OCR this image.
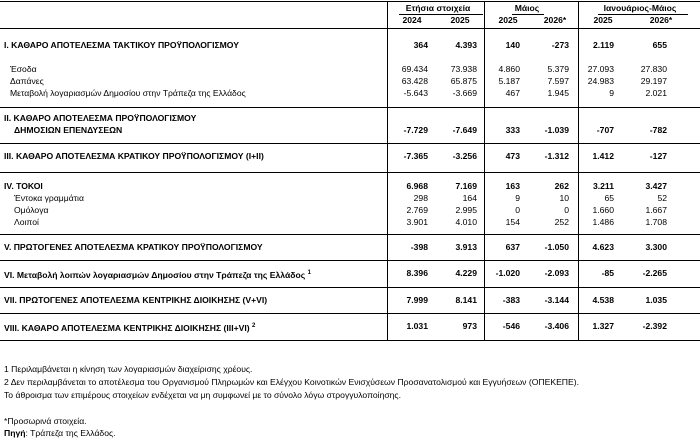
Ετήσια στοιχεία	Μάιος	Ιανουάριος-Μάιος
2024	2025	2025	2026*	2025	2026*
I. ΚΑΘΑΡΟ ΑΠΟΤΕΛΕΣΜΑ ΤΑΚΤΙΚΟΥ ΠΡΟΫΠΟΛΟΓΙΣΜΟΥ	364	4.393	140	-273	2.119	655
Έσοδα	69.434	73.938	4.860	5.379	27.093	27.830
Δαπάνες	63.428	65.875	5.187	7.597	24.983	29.197
Μεταβολή λογαριασμών Δημοσίου στην Τράπεζα της Ελλάδος	-5.643	-3.669	467	1.945	9	2.021
II. ΚΑΘΑΡΟ ΑΠΟΤΕΛΕΣΜΑ ΠΡΟΫΠΟΛΟΓΙΣΜΟΥ
ΔΗΜΟΣΙΩΝ ΕΠΕΝΔΥΣΕΩΝ	-7.729	-7.649	333	-1.039	-707	-782
III. ΚΑΘΑΡΟ ΑΠΟΤΕΛΕΣΜΑ ΚΡΑΤΙΚΟΥ ΠΡΟΫΠΟΛΟΓΙΣΜΟΥ (I+II)	-7.365	-3.256	473	-1.312	1.412	-127
IV. ΤΟΚΟΙ	6.968	7.169	163	262	3.211	3.427
Έντοκα γραμμάτια	298	164	9	10	65	52
Ομόλογα	2.769	2.995	0	0	1.660	1.667
Λοιποί	3.901	4.010	154	252	1.486	1.708
V. ΠΡΩΤΟΓΕΝΕΣ ΑΠΟΤΕΛΕΣΜΑ ΚΡΑΤΙΚΟΥ ΠΡΟΫΠΟΛΟΓΙΣΜΟΥ	-398	3.913	637	-1.050	4.623	3.300
VI. Μεταβολή λοιπών λογαριασμών Δημοσίου στην Τράπεζα της Ελλάδος $^1$	8.396	4.229	-1.020	-2.093	-85	-2.265
VII. ΠΡΩΤΟΓΕΝΕΣ ΑΠΟΤΕΛΕΣΜΑ ΚΕΝΤΡΙΚΗΣ ΔΙΟΙΚΗΣΗΣ (V+VI)	7.999	8.141	-383	-3.144	4.538	1.035
VIII. ΚΑΘΑΡΟ ΑΠΟΤΕΛΕΣΜΑ ΚΕΝΤΡΙΚΗΣ ΔΙΟΙΚΗΣΗΣ (III+VI) $^2$	1.031	973	-546	-3.406	1.327	-2.392
1 Περιλαμβάνεται η κίνηση των λογαριασμών διαχείρισης χρέους.
2 Δεν περιλαμβάνεται το αποτέλεσμα του Οργανισμού Πληρωμών και Ελέγχου Κοινοτικών Ενισχύσεων Προσανατολισμού και Εγγυήσεων (ΟΠΕΚΕΠΕ).
Το άθροισμα των επιμέρους στοιχείων ενδέχεται να μη συμφωνεί με το σύνολο λόγω στρογγυλοποίησης.
*Προσωρινά στοιχεία.
Πηγή: Τράπεζα της Ελλάδος.
